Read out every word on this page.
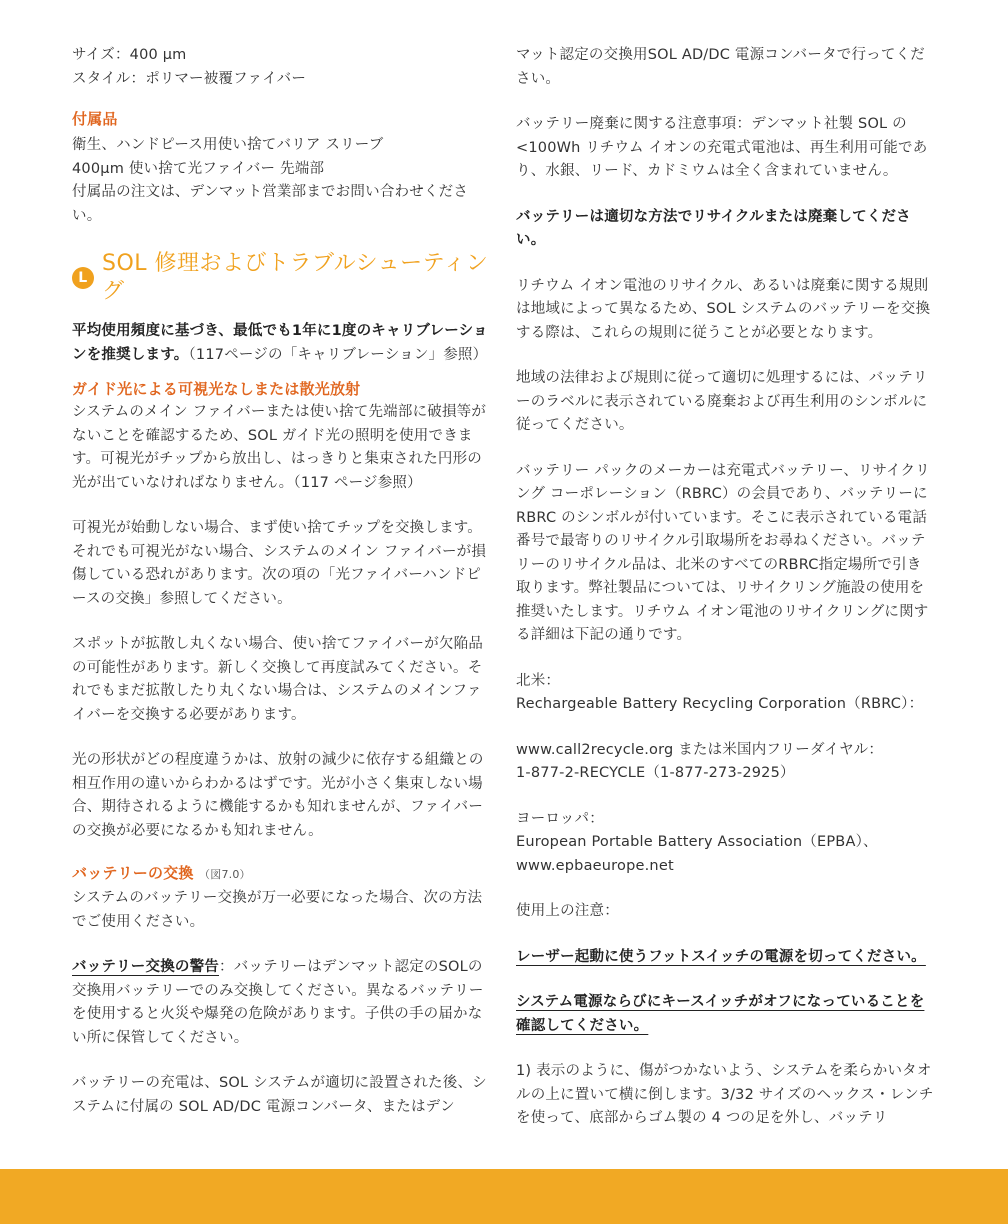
サイズ：400 μm

スタイル：ポリマー被覆ファイバー

付属品

衛生、ハンドピース用使い捨てバリア スリーブ

400μm 使い捨て光ファイバー 先端部

付属品の注文は、デンマット営業部までお問い合わせください。

L
SOL 修理およびトラブルシューティング

平均使用頻度に基づき、最低でも1年に1度のキャリブレーションを推奨します。（117ページの「キャリブレーション」参照）

ガイド光による可視光なしまたは散光放射

システムのメイン ファイバーまたは使い捨て先端部に破損等がないことを確認するため、SOL ガイド光の照明を使用できます。可視光がチップから放出し、はっきりと集束された円形の光が出ていなければなりません。（117 ページ参照）

可視光が始動しない場合、まず使い捨てチップを交換します。それでも可視光がない場合、システムのメイン ファイバーが損傷している恐れがあります。次の項の「光ファイバーハンドピースの交換」参照してください。

スポットが拡散し丸くない場合、使い捨てファイバーが欠陥品の可能性があります。新しく交換して再度試みてください。それでもまだ拡散したり丸くない場合は、システムのメインファイバーを交換する必要があります。

光の形状がどの程度違うかは、放射の減少に依存する組織との相互作用の違いからわかるはずです。光が小さく集束しない場合、期待されるように機能するかも知れませんが、ファイバーの交換が必要になるかも知れません。

バッテリーの交換 （図7.0）

システムのバッテリー交換が万一必要になった場合、次の方法でご使用ください。

バッテリー交換の警告：バッテリーはデンマット認定のSOLの交換用バッテリーでのみ交換してください。異なるバッテリーを使用すると火災や爆発の危険があります。子供の手の届かない所に保管してください。

バッテリーの充電は、SOL システムが適切に設置された後、システムに付属の SOL AD/DC 電源コンバータ、またはデン

マット認定の交換用SOL AD/DC 電源コンバータで行ってください。

バッテリー廃棄に関する注意事項：デンマット社製 SOL の<100Wh リチウム イオンの充電式電池は、再生利用可能であり、水銀、リード、カドミウムは全く含まれていません。

バッテリーは適切な方法でリサイクルまたは廃棄してください。

リチウム イオン電池のリサイクル、あるいは廃棄に関する規則は地域によって異なるため、SOL システムのバッテリーを交換する際は、これらの規則に従うことが必要となります。

地域の法律および規則に従って適切に処理するには、バッテリーのラベルに表示されている廃棄および再生利用のシンボルに従ってください。

バッテリー パックのメーカーは充電式バッテリー、リサイクリング コーポレーション（RBRC）の会員であり、バッテリーにRBRC のシンボルが付いています。そこに表示されている電話番号で最寄りのリサイクル引取場所をお尋ねください。バッテリーのリサイクル品は、北米のすべてのRBRC指定場所で引き取ります。弊社製品については、リサイクリング施設の使用を推奨いたします。リチウム イオン電池のリサイクリングに関する詳細は下記の通りです。

北米：

Rechargeable Battery Recycling Corporation（RBRC）：

www.call2recycle.org または米国内フリーダイヤル：

1-877-2-RECYCLE（1-877-273-2925）

ヨーロッパ：

European Portable Battery Association（EPBA）、

www.epbaeurope.net

使用上の注意：

レーザー起動に使うフットスイッチの電源を切ってください。

システム電源ならびにキースイッチがオフになっていることを確認してください。

1) 表示のように、傷がつかないよう、システムを柔らかいタオルの上に置いて横に倒します。3/32 サイズのヘックス・レンチを使って、底部からゴム製の 4 つの足を外し、バッテリ
